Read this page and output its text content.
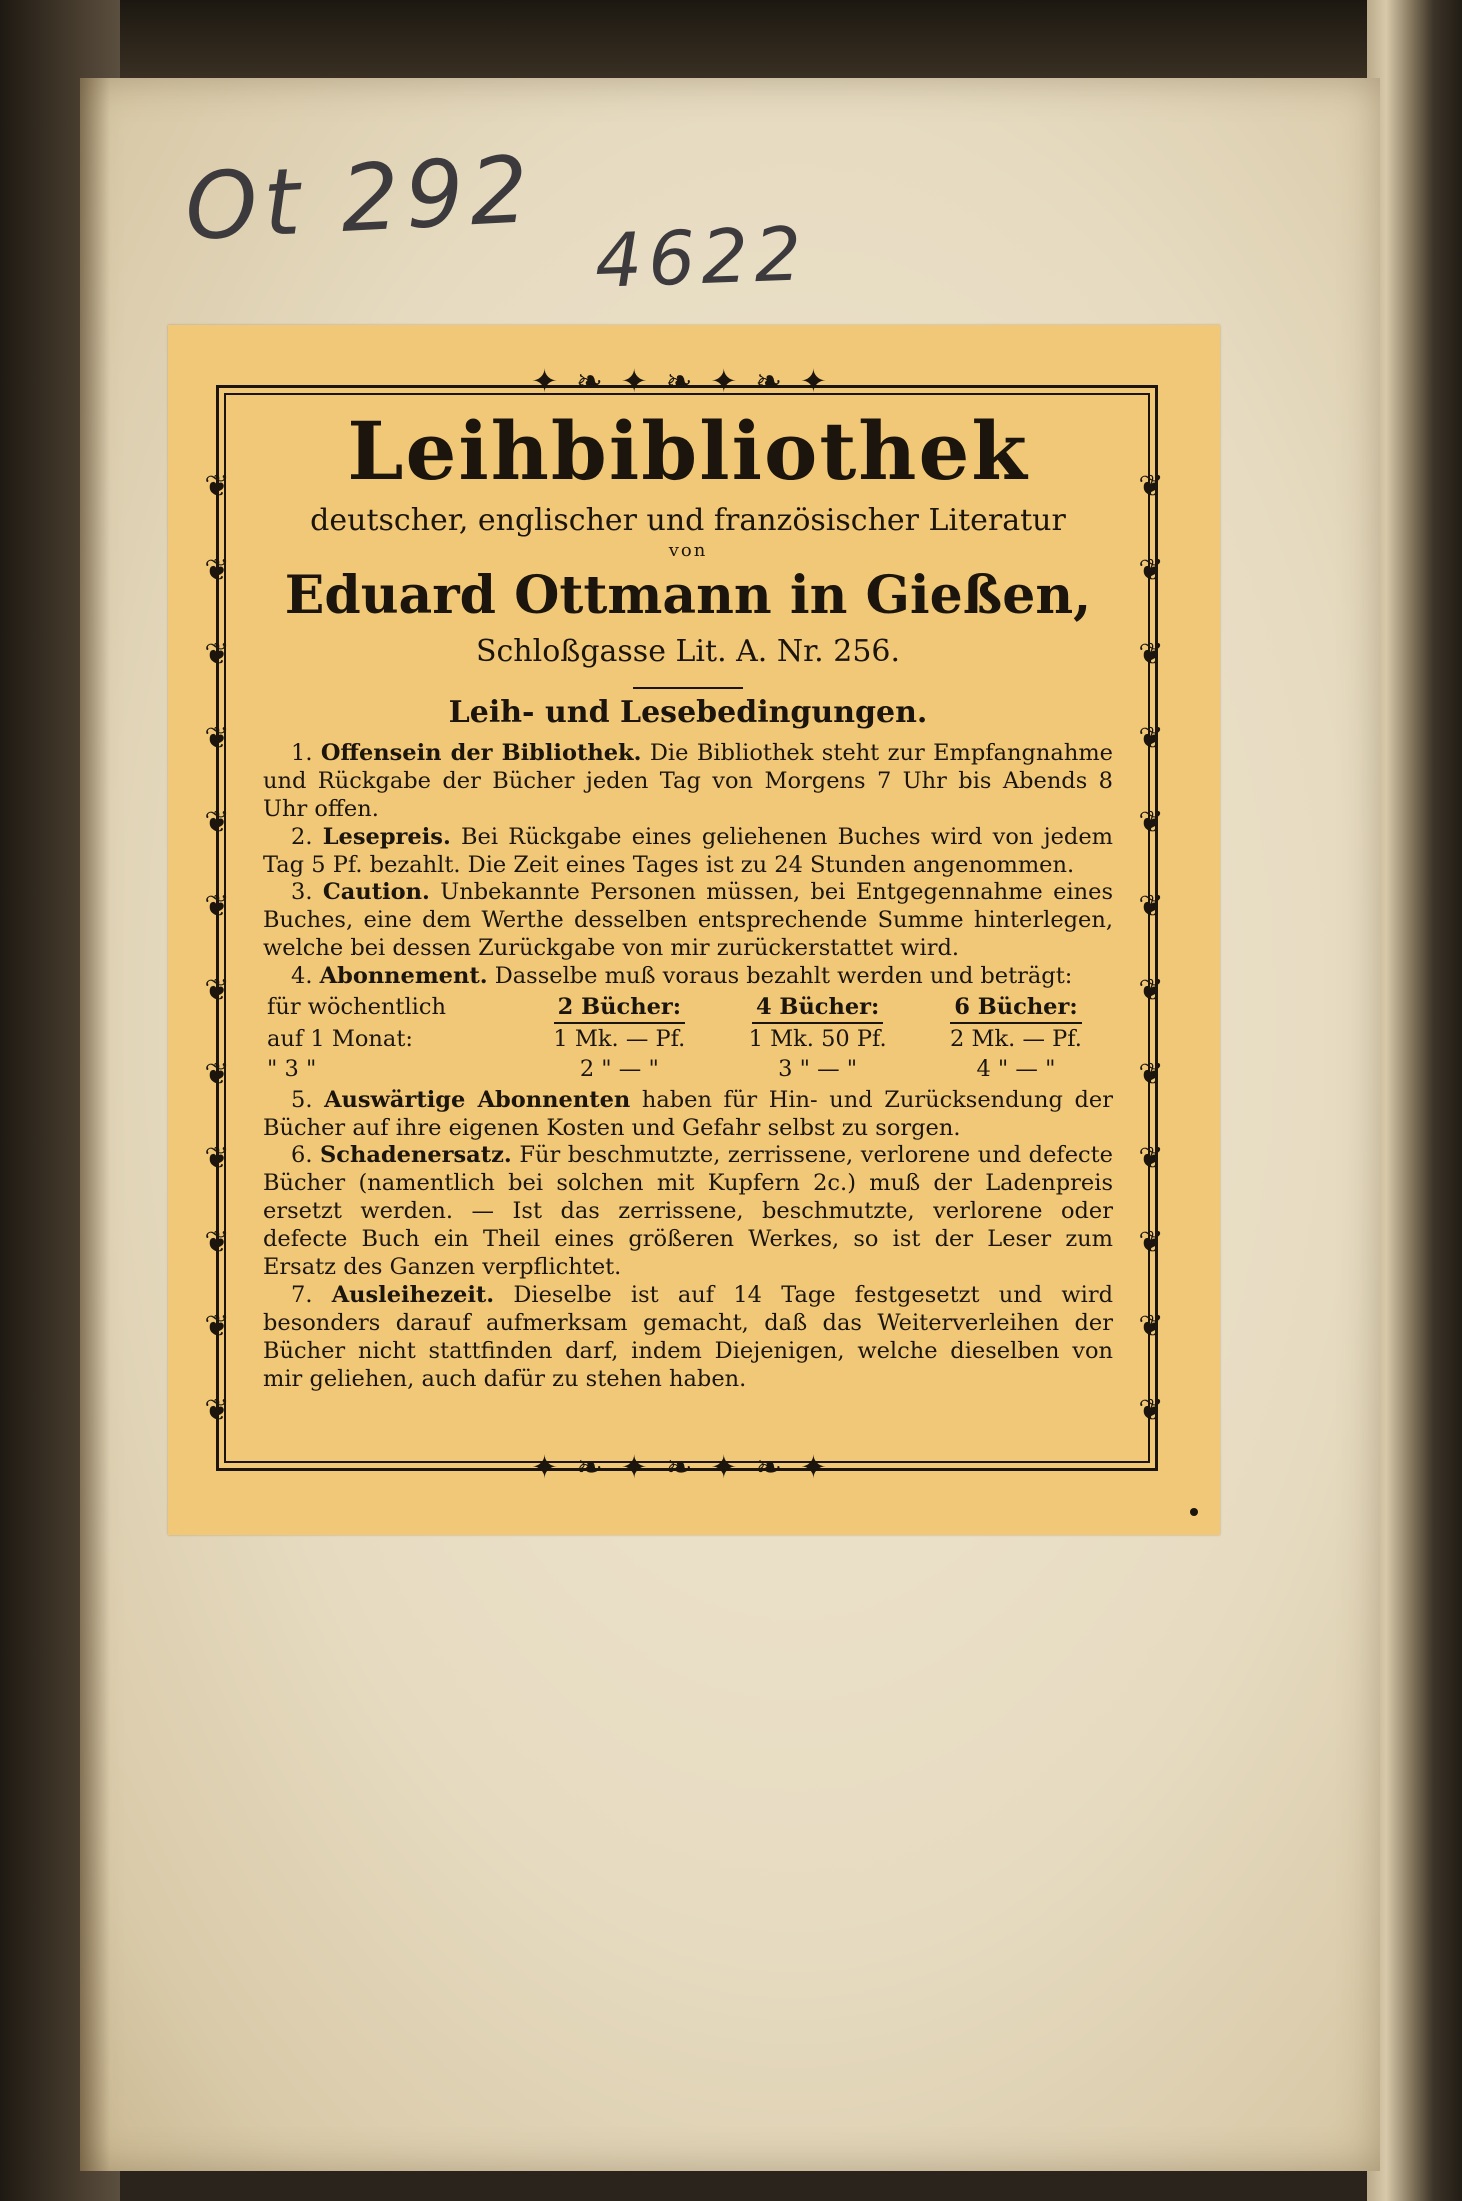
Ot 292 4622
✦❧✦❧✦❧✦
✦❧✦❧✦❧✦
❦
❦
❦
❦
❦
❦
❦
❦
❦
❦
❦
❦
❦
❦
❦
❦
❦
❦
❦
❦
❦
❦
❦
❦
Leihbibliothek
deutscher, englischer und französischer Literatur
von
Eduard Ottmann in Gießen,
Schloßgasse Lit. A. Nr. 256.
Leih- und Lesebedingungen.

1. Offensein der Bibliothek. Die Bibliothek steht zur Empfangnahme und Rückgabe der Bücher jeden Tag von Morgens 7 Uhr bis Abends 8 Uhr offen.

2. Lesepreis. Bei Rückgabe eines geliehenen Buches wird von jedem Tag 5 Pf. bezahlt. Die Zeit eines Tages ist zu 24 Stunden angenommen.

3. Caution. Unbekannte Personen müssen, bei Entgegennahme eines Buches, eine dem Werthe desselben entsprechende Summe hinterlegen, welche bei dessen Zurückgabe von mir zurückerstattet wird.

4. Abonnement. Dasselbe muß voraus bezahlt werden und beträgt:

für wöchentlich	2 Bücher:	4 Bücher:	6 Bücher:
auf 1 Monat:	1 Mk. — Pf.	1 Mk. 50 Pf.	2 Mk. — Pf.
" 3 "	2 " — "	3 " — "	4 " — "

5. Auswärtige Abonnenten haben für Hin- und Zurücksendung der Bücher auf ihre eigenen Kosten und Gefahr selbst zu sorgen.

6. Schadenersatz. Für beschmutzte, zerrissene, verlorene und defecte Bücher (namentlich bei solchen mit Kupfern 2c.) muß der Ladenpreis ersetzt werden. — Ist das zerrissene, beschmutzte, verlorene oder defecte Buch ein Theil eines größeren Werkes, so ist der Leser zum Ersatz des Ganzen verpflichtet.

7. Ausleihezeit. Dieselbe ist auf 14 Tage festgesetzt und wird besonders darauf aufmerksam gemacht, daß das Weiterverleihen der Bücher nicht stattfinden darf, indem Diejenigen, welche dieselben von mir geliehen, auch dafür zu stehen haben.
